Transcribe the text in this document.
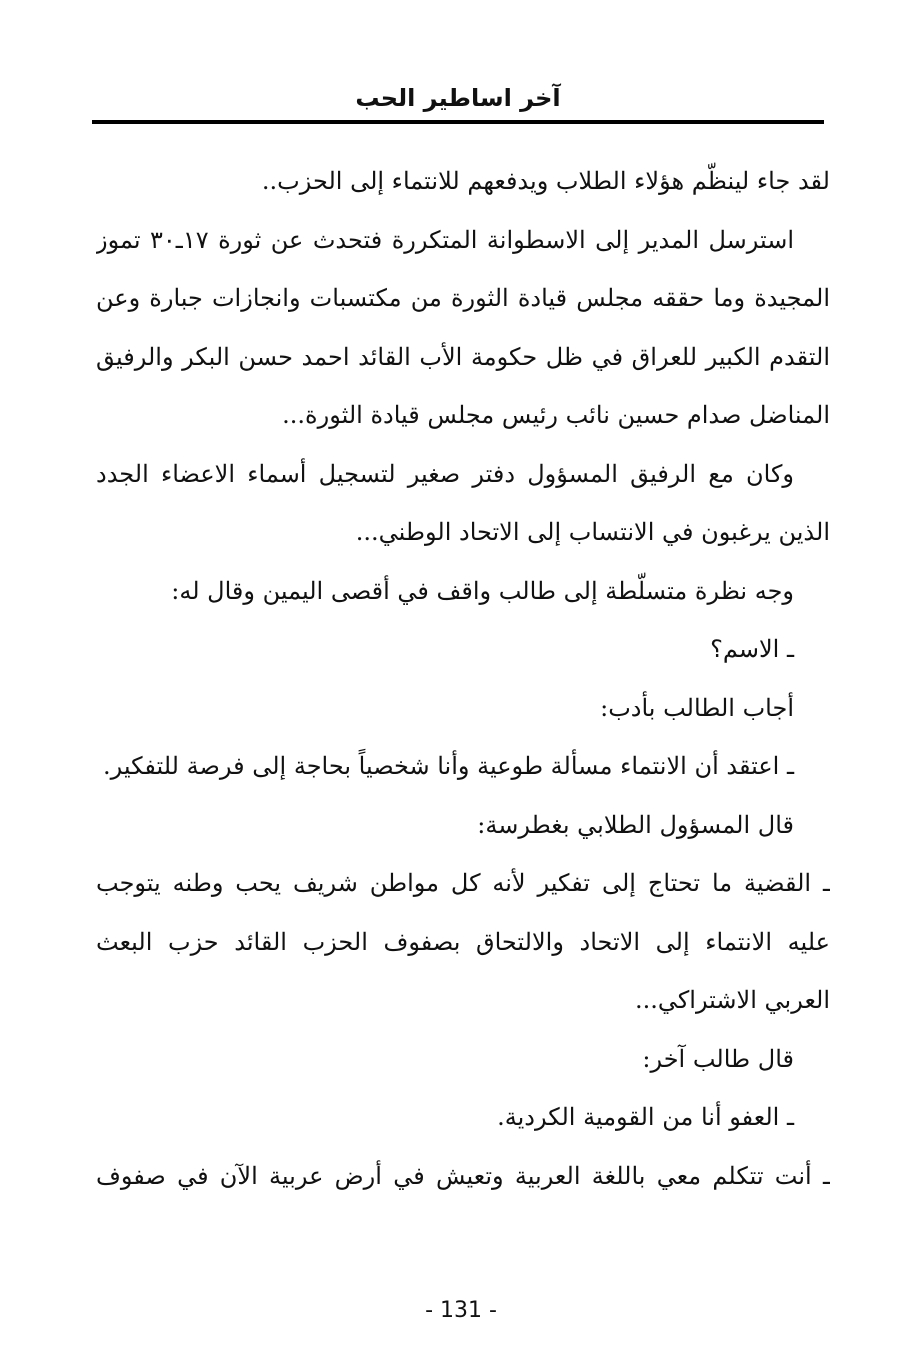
آخر اساطير الحب
لقد جاء لينظّم هؤلاء الطلاب ويدفعهم للانتماء إلى الحزب..
استرسل المدير إلى الاسطوانة المتكررة فتحدث عن ثورة ١٧ـ٣٠ تموز
المجيدة وما حققه مجلس قيادة الثورة من مكتسبات وانجازات جبارة وعن
التقدم الكبير للعراق في ظل حكومة الأب القائد احمد حسن البكر والرفيق
المناضل صدام حسين نائب رئيس مجلس قيادة الثورة...
وكان مع الرفيق المسؤول دفتر صغير لتسجيل أسماء الاعضاء الجدد
الذين يرغبون في الانتساب إلى الاتحاد الوطني...
وجه نظرة متسلّطة إلى طالب واقف في أقصى اليمين وقال له:
ـ الاسم؟
أجاب الطالب بأدب:
ـ اعتقد أن الانتماء مسألة طوعية وأنا شخصياً بحاجة إلى فرصة للتفكير.
قال المسؤول الطلابي بغطرسة:
ـ القضية ما تحتاج إلى تفكير لأنه كل مواطن شريف يحب وطنه يتوجب
عليه الانتماء إلى الاتحاد والالتحاق بصفوف الحزب القائد حزب البعث
العربي الاشتراكي...
قال طالب آخر:
ـ العفو أنا من القومية الكردية.
ـ أنت تتكلم معي باللغة العربية وتعيش في أرض عربية الآن في صفوف
- 131 -
